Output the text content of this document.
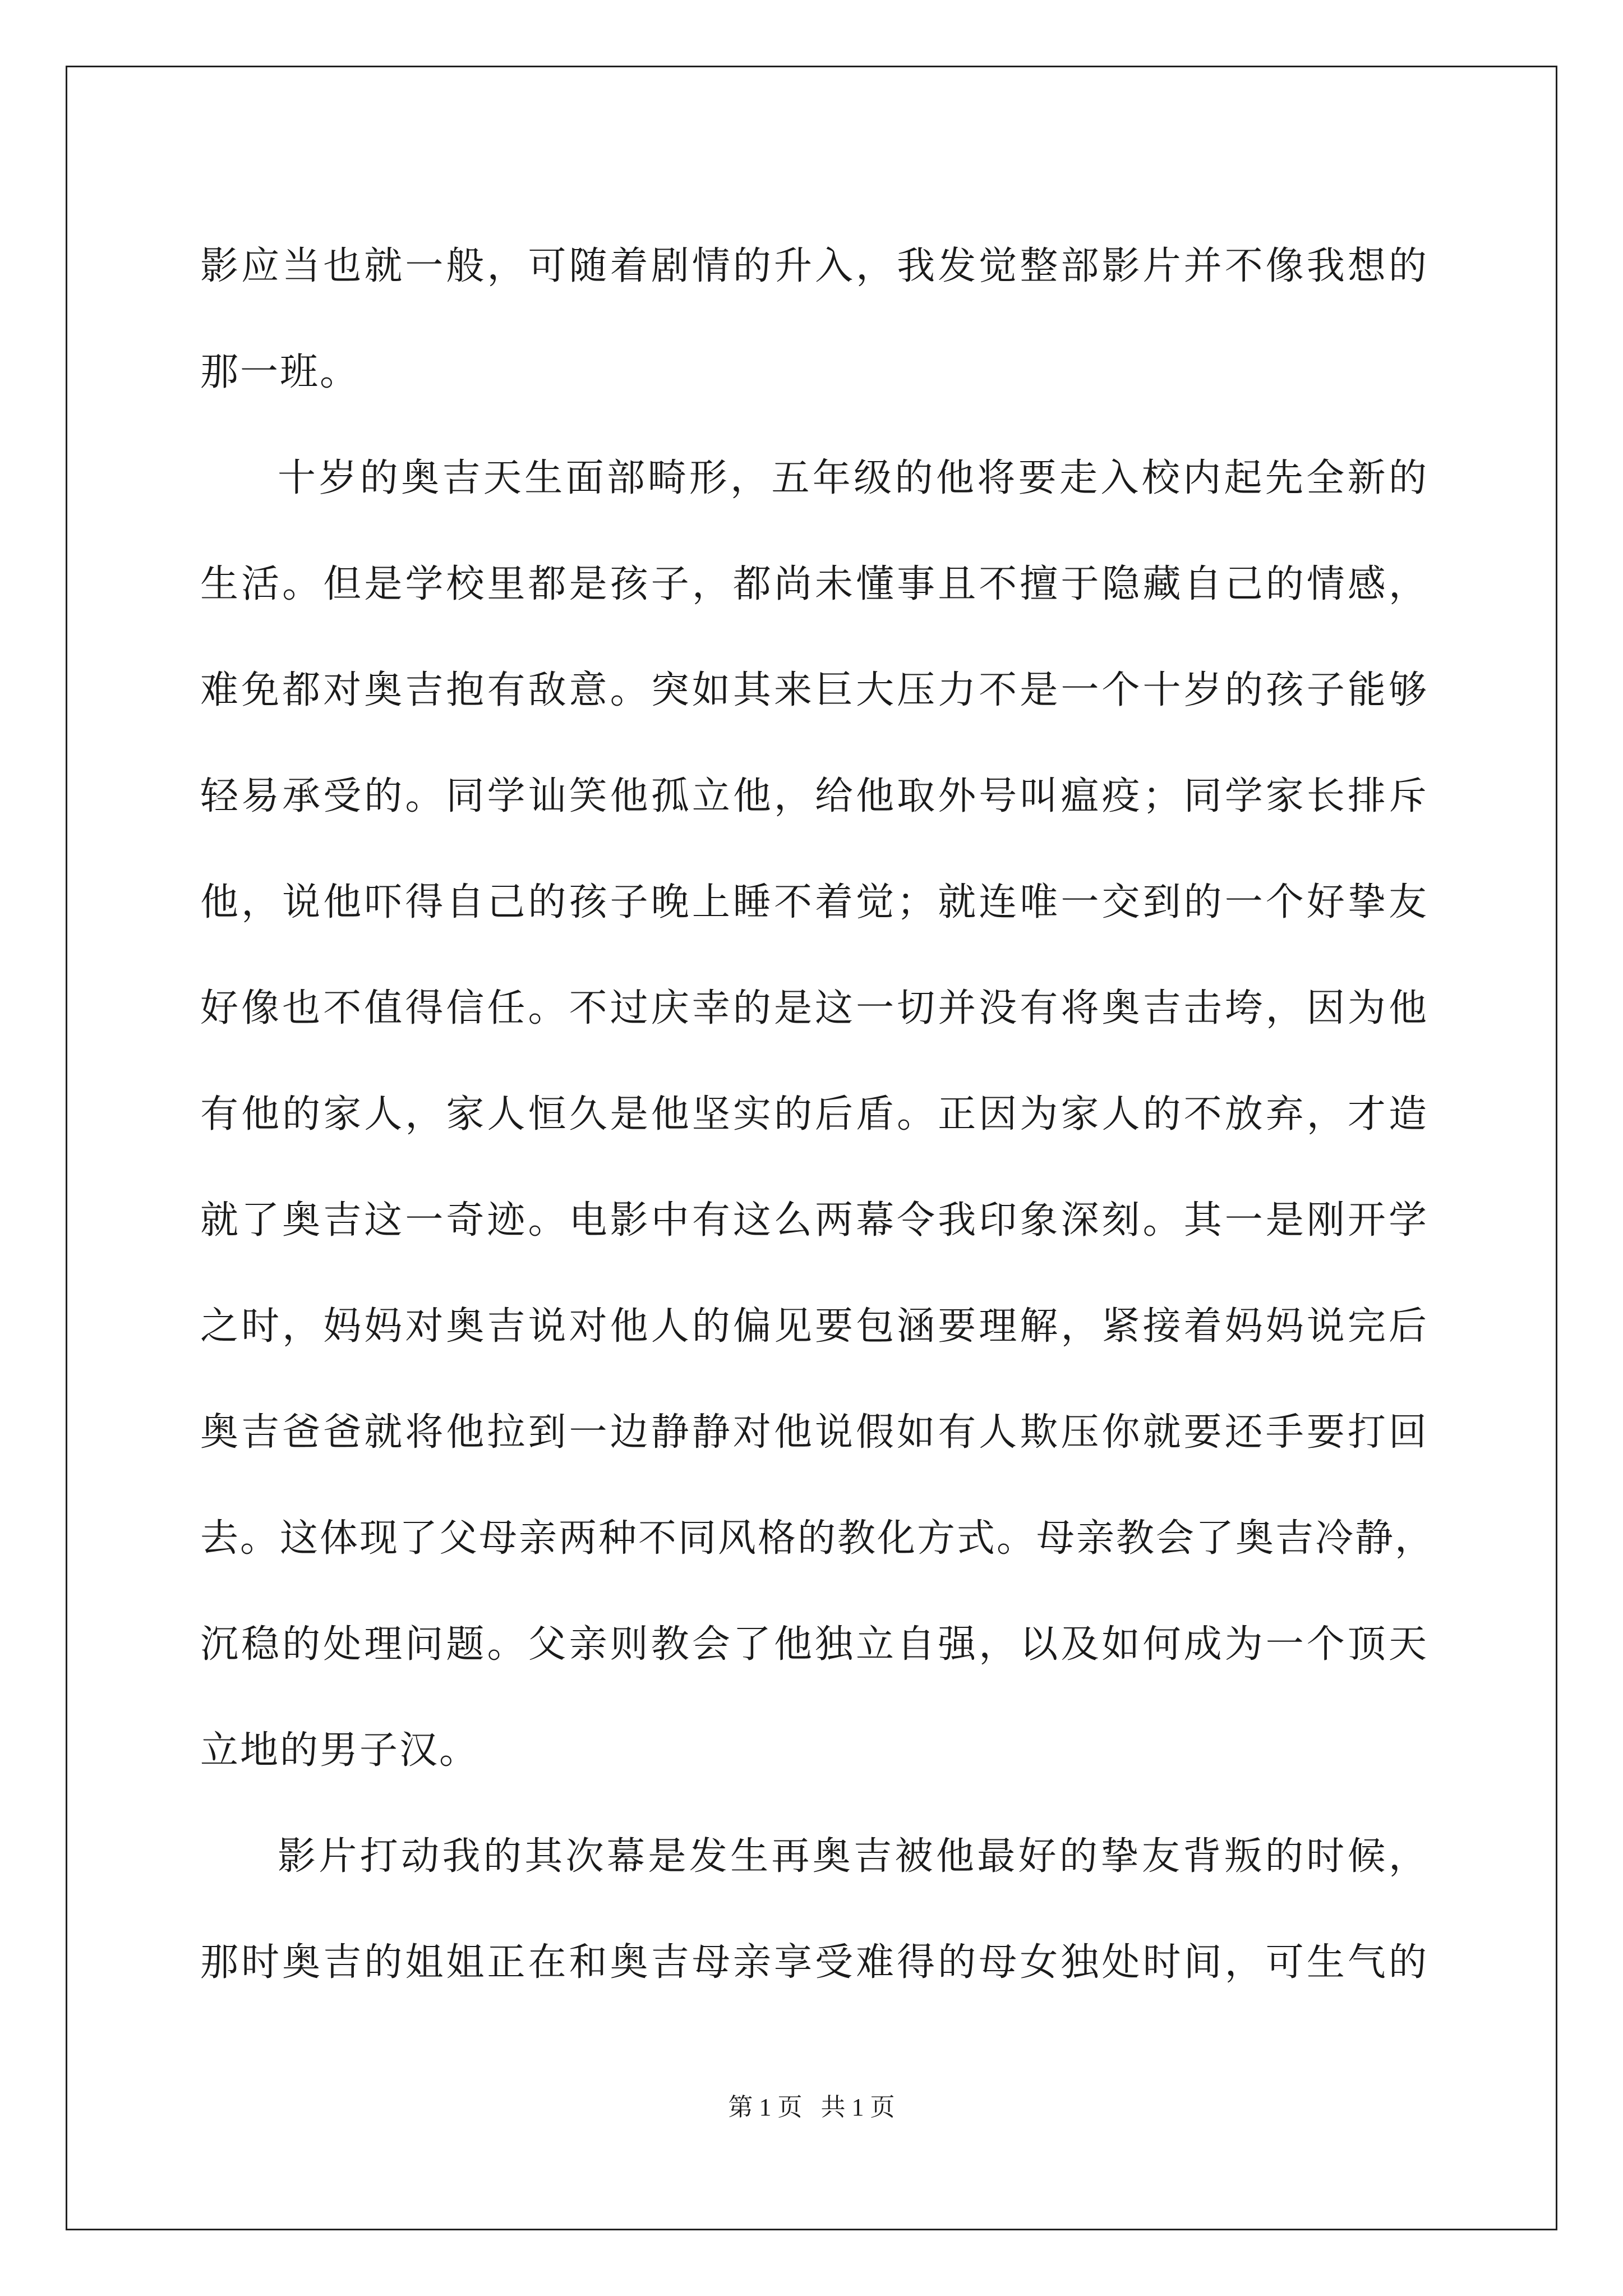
影应当也就一般，可随着剧情的升入，我发觉整部影片并不像我想的
那一班。
十岁的奥吉天生面部畸形，五年级的他将要走入校内起先全新的
生活。但是学校里都是孩子，都尚未懂事且不擅于隐藏自己的情感，
难免都对奥吉抱有敌意。突如其来巨大压力不是一个十岁的孩子能够
轻易承受的。同学讪笑他孤立他，给他取外号叫瘟疫；同学家长排斥
他，说他吓得自己的孩子晚上睡不着觉；就连唯一交到的一个好挚友
好像也不值得信任。不过庆幸的是这一切并没有将奥吉击垮，因为他
有他的家人，家人恒久是他坚实的后盾。正因为家人的不放弃，才造
就了奥吉这一奇迹。电影中有这么两幕令我印象深刻。其一是刚开学
之时，妈妈对奥吉说对他人的偏见要包涵要理解，紧接着妈妈说完后
奥吉爸爸就将他拉到一边静静对他说假如有人欺压你就要还手要打回
去。这体现了父母亲两种不同风格的教化方式。母亲教会了奥吉冷静，
沉稳的处理问题。父亲则教会了他独立自强，以及如何成为一个顶天
立地的男子汉。
影片打动我的其次幕是发生再奥吉被他最好的挚友背叛的时候，
那时奥吉的姐姐正在和奥吉母亲享受难得的母女独处时间，可生气的
第 1 页   共 1 页
